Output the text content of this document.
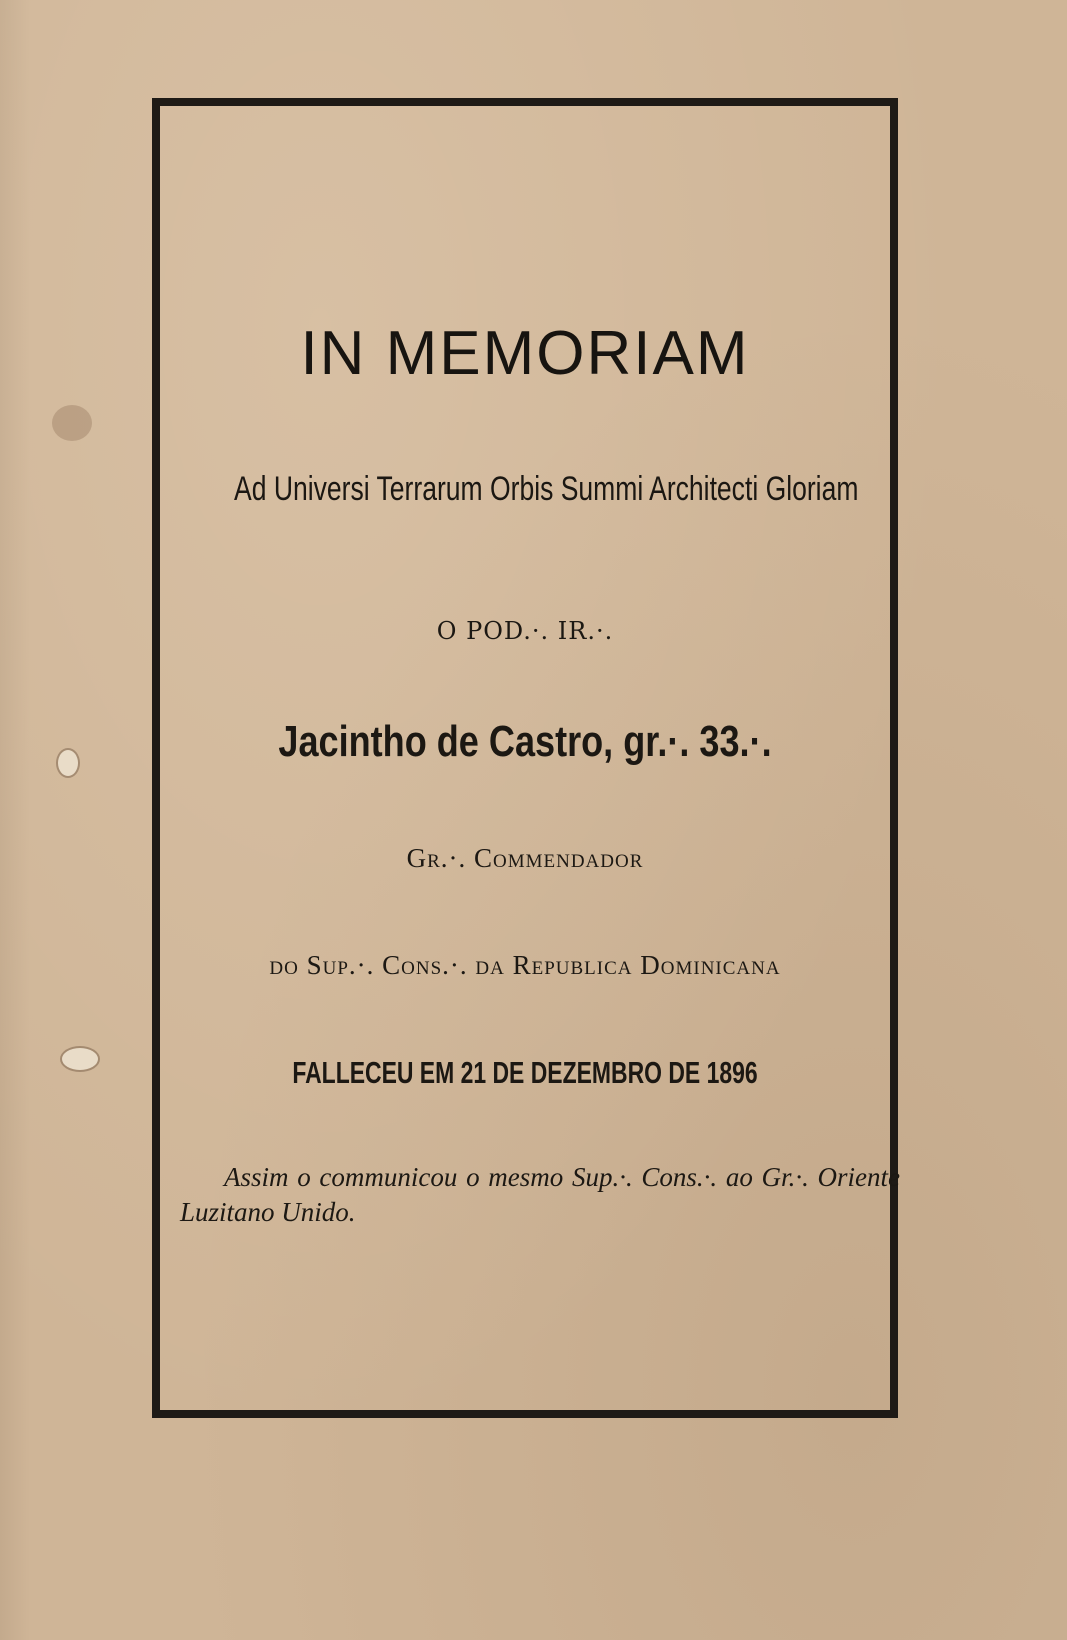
IN MEMORIAM
Ad Universi Terrarum Orbis Summi Architecti Gloriam
O POD.·. IR.·.
Jacintho de Castro, gr.·. 33.·.
Gr.·. Commendador
do Sup.·. Cons.·. da Republica Dominicana
FALLECEU EM 21 DE DEZEMBRO DE 1896
Assim o communicou o mesmo Sup.·. Cons.·. ao Gr.·. Oriente Luzitano Unido.
